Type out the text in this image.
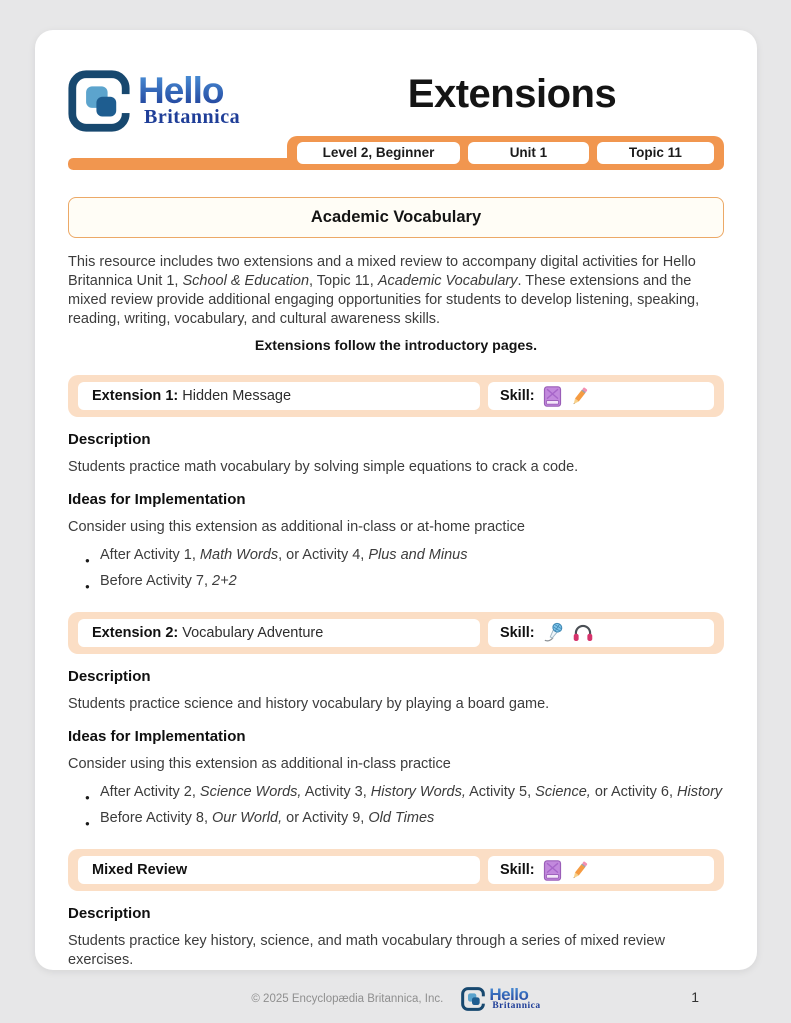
Hello
Britannica
Extensions
Level 2, Beginner	Unit 1	Topic 11
Academic Vocabulary

This resource includes two extensions and a mixed review to accompany digital activities for Hello Britannica Unit 1, School & Education, Topic 11, Academic Vocabulary. These extensions and the mixed review provide additional engaging opportunities for students to develop listening, speaking, reading, writing, vocabulary, and cultural awareness skills.

Extensions follow the introductory pages.

Extension 1: Hidden Message	Skill:
Description

Students practice math vocabulary by solving simple equations to crack a code.

Ideas for Implementation

Consider using this extension as additional in-class or at-home practice

● After Activity 1, Math Words, or Activity 4, Plus and Minus
● Before Activity 7, 2+2
Extension 2: Vocabulary Adventure	Skill:
Description

Students practice science and history vocabulary by playing a board game.

Ideas for Implementation

Consider using this extension as additional in-class practice

● After Activity 2, Science Words, Activity 3, History Words, Activity 5, Science, or Activity 6, History
● Before Activity 8, Our World, or Activity 9, Old Times
Mixed Review	Skill:
Description

Students practice key history, science, and math vocabulary through a series of mixed review exercises.

© 2025 Encyclopædia Britannica, Inc.	Hello
Britannica
1
